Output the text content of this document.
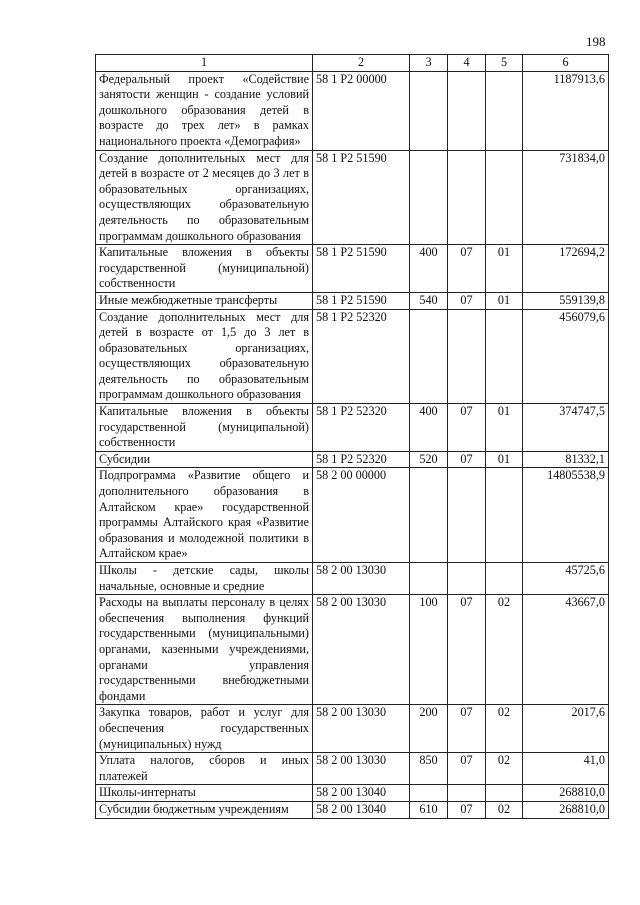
198
1	2	3	4	5	6
Федеральный проект «Содействие занятости женщин - создание условий дошкольного образования детей в возрасте до трех лет» в рамках национального проекта «Демография»	58 1 P2 00000				1187913,6
Создание дополнительных мест для детей в возрасте от 2 месяцев до 3 лет в образовательных организациях, осуществляющих образовательную деятельность по образовательным программам дошкольного образования	58 1 P2 51590				731834,0
Капитальные вложения в объекты государственной (муниципальной) собственности	58 1 P2 51590	400	07	01	172694,2
Иные межбюджетные трансферты	58 1 P2 51590	540	07	01	559139,8
Создание дополнительных мест для детей в возрасте от 1,5 до 3 лет в образовательных организациях, осуществляющих образовательную деятельность по образовательным программам дошкольного образования	58 1 P2 52320				456079,6
Капитальные вложения в объекты государственной (муниципальной) собственности	58 1 P2 52320	400	07	01	374747,5
Субсидии	58 1 P2 52320	520	07	01	81332,1
Подпрограмма «Развитие общего и дополнительного образования в Алтайском крае» государственной программы Алтайского края «Развитие образования и молодежной политики в Алтайском крае»	58 2 00 00000				14805538,9
Школы - детские сады, школы начальные, основные и средние	58 2 00 13030				45725,6
Расходы на выплаты персоналу в целях обеспечения выполнения функций государственными (муниципальными) органами, казенными учреждениями, органами управления государственными внебюджетными фондами	58 2 00 13030	100	07	02	43667,0
Закупка товаров, работ и услуг для обеспечения государственных (муниципальных) нужд	58 2 00 13030	200	07	02	2017,6
Уплата налогов, сборов и иных платежей	58 2 00 13030	850	07	02	41,0
Школы-интернаты	58 2 00 13040				268810,0
Субсидии бюджетным учреждениям	58 2 00 13040	610	07	02	268810,0
